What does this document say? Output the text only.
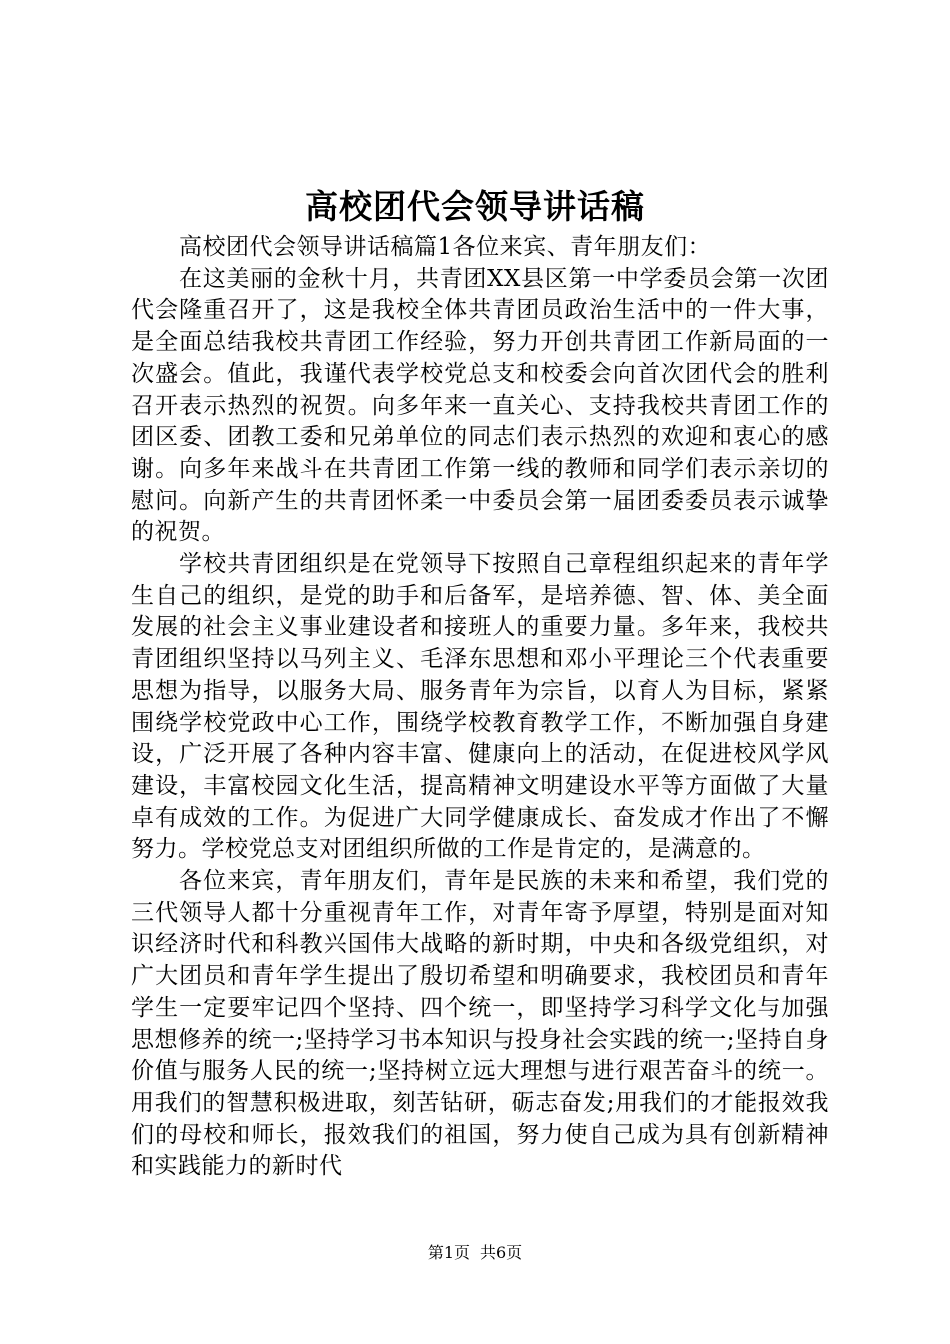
高校团代会领导讲话稿

高校团代会领导讲话稿篇1各位来宾、青年朋友们：

在这美丽的金秋十月，共青团XX县区第一中学委员会第一次团代会隆重召开了，这是我校全体共青团员政治生活中的一件大事，是全面总结我校共青团工作经验，努力开创共青团工作新局面的一次盛会。值此，我谨代表学校党总支和校委会向首次团代会的胜利召开表示热烈的祝贺。向多年来一直关心、支持我校共青团工作的团区委、团教工委和兄弟单位的同志们表示热烈的欢迎和衷心的感谢。向多年来战斗在共青团工作第一线的教师和同学们表示亲切的慰问。向新产生的共青团怀柔一中委员会第一届团委委员表示诚挚的祝贺。

学校共青团组织是在党领导下按照自己章程组织起来的青年学生自己的组织，是党的助手和后备军，是培养德、智、体、美全面发展的社会主义事业建设者和接班人的重要力量。多年来，我校共青团组织坚持以马列主义、毛泽东思想和邓小平理论三个代表重要思想为指导，以服务大局、服务青年为宗旨，以育人为目标，紧紧围绕学校党政中心工作，围绕学校教育教学工作，不断加强自身建设，广泛开展了各种内容丰富、健康向上的活动，在促进校风学风建设，丰富校园文化生活，提高精神文明建设水平等方面做了大量卓有成效的工作。为促进广大同学健康成长、奋发成才作出了不懈努力。学校党总支对团组织所做的工作是肯定的，是满意的。

各位来宾，青年朋友们，青年是民族的未来和希望，我们党的三代领导人都十分重视青年工作，对青年寄予厚望，特别是面对知识经济时代和科教兴国伟大战略的新时期，中央和各级党组织，对广大团员和青年学生提出了殷切希望和明确要求，我校团员和青年学生一定要牢记四个坚持、四个统一，即坚持学习科学文化与加强思想修养的统一;坚持学习书本知识与投身社会实践的统一;坚持自身价值与服务人民的统一;坚持树立远大理想与进行艰苦奋斗的统一。用我们的智慧积极进取，刻苦钻研，砺志奋发;用我们的才能报效我们的母校和师长，报效我们的祖国，努力使自己成为具有创新精神和实践能力的新时代

第1页 共6页
